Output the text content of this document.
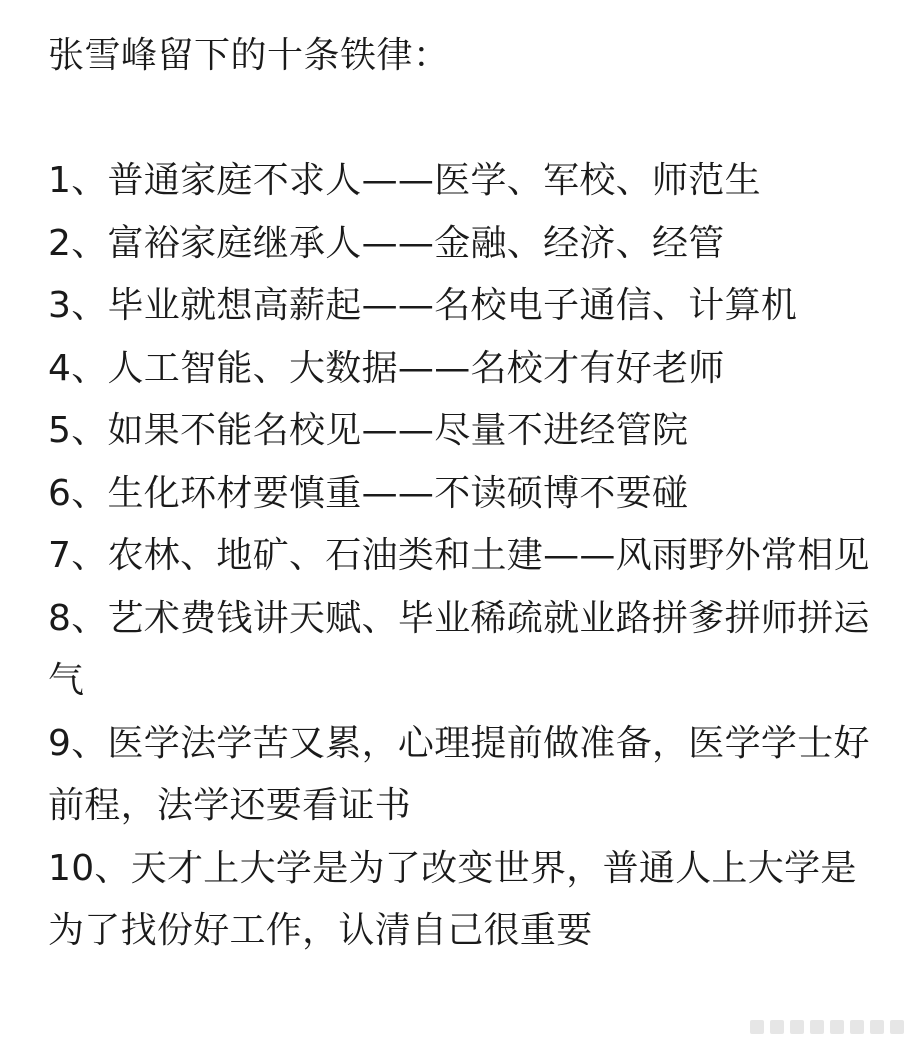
张雪峰留下的十条铁律：
1、普通家庭不求人——医学、军校、师范生
2、富裕家庭继承人——金融、经济、经管
3、毕业就想高薪起——名校电子通信、计算机
4、人工智能、大数据——名校才有好老师
5、如果不能名校见——尽量不进经管院
6、生化环材要慎重——不读硕博不要碰
7、农林、地矿、石油类和土建——风雨野外常相见
8、艺术费钱讲天赋、毕业稀疏就业路拼爹拼师拼运气
9、医学法学苦又累，心理提前做准备，医学学士好前程，法学还要看证书
10、天才上大学是为了改变世界，普通人上大学是为了找份好工作，认清自己很重要
